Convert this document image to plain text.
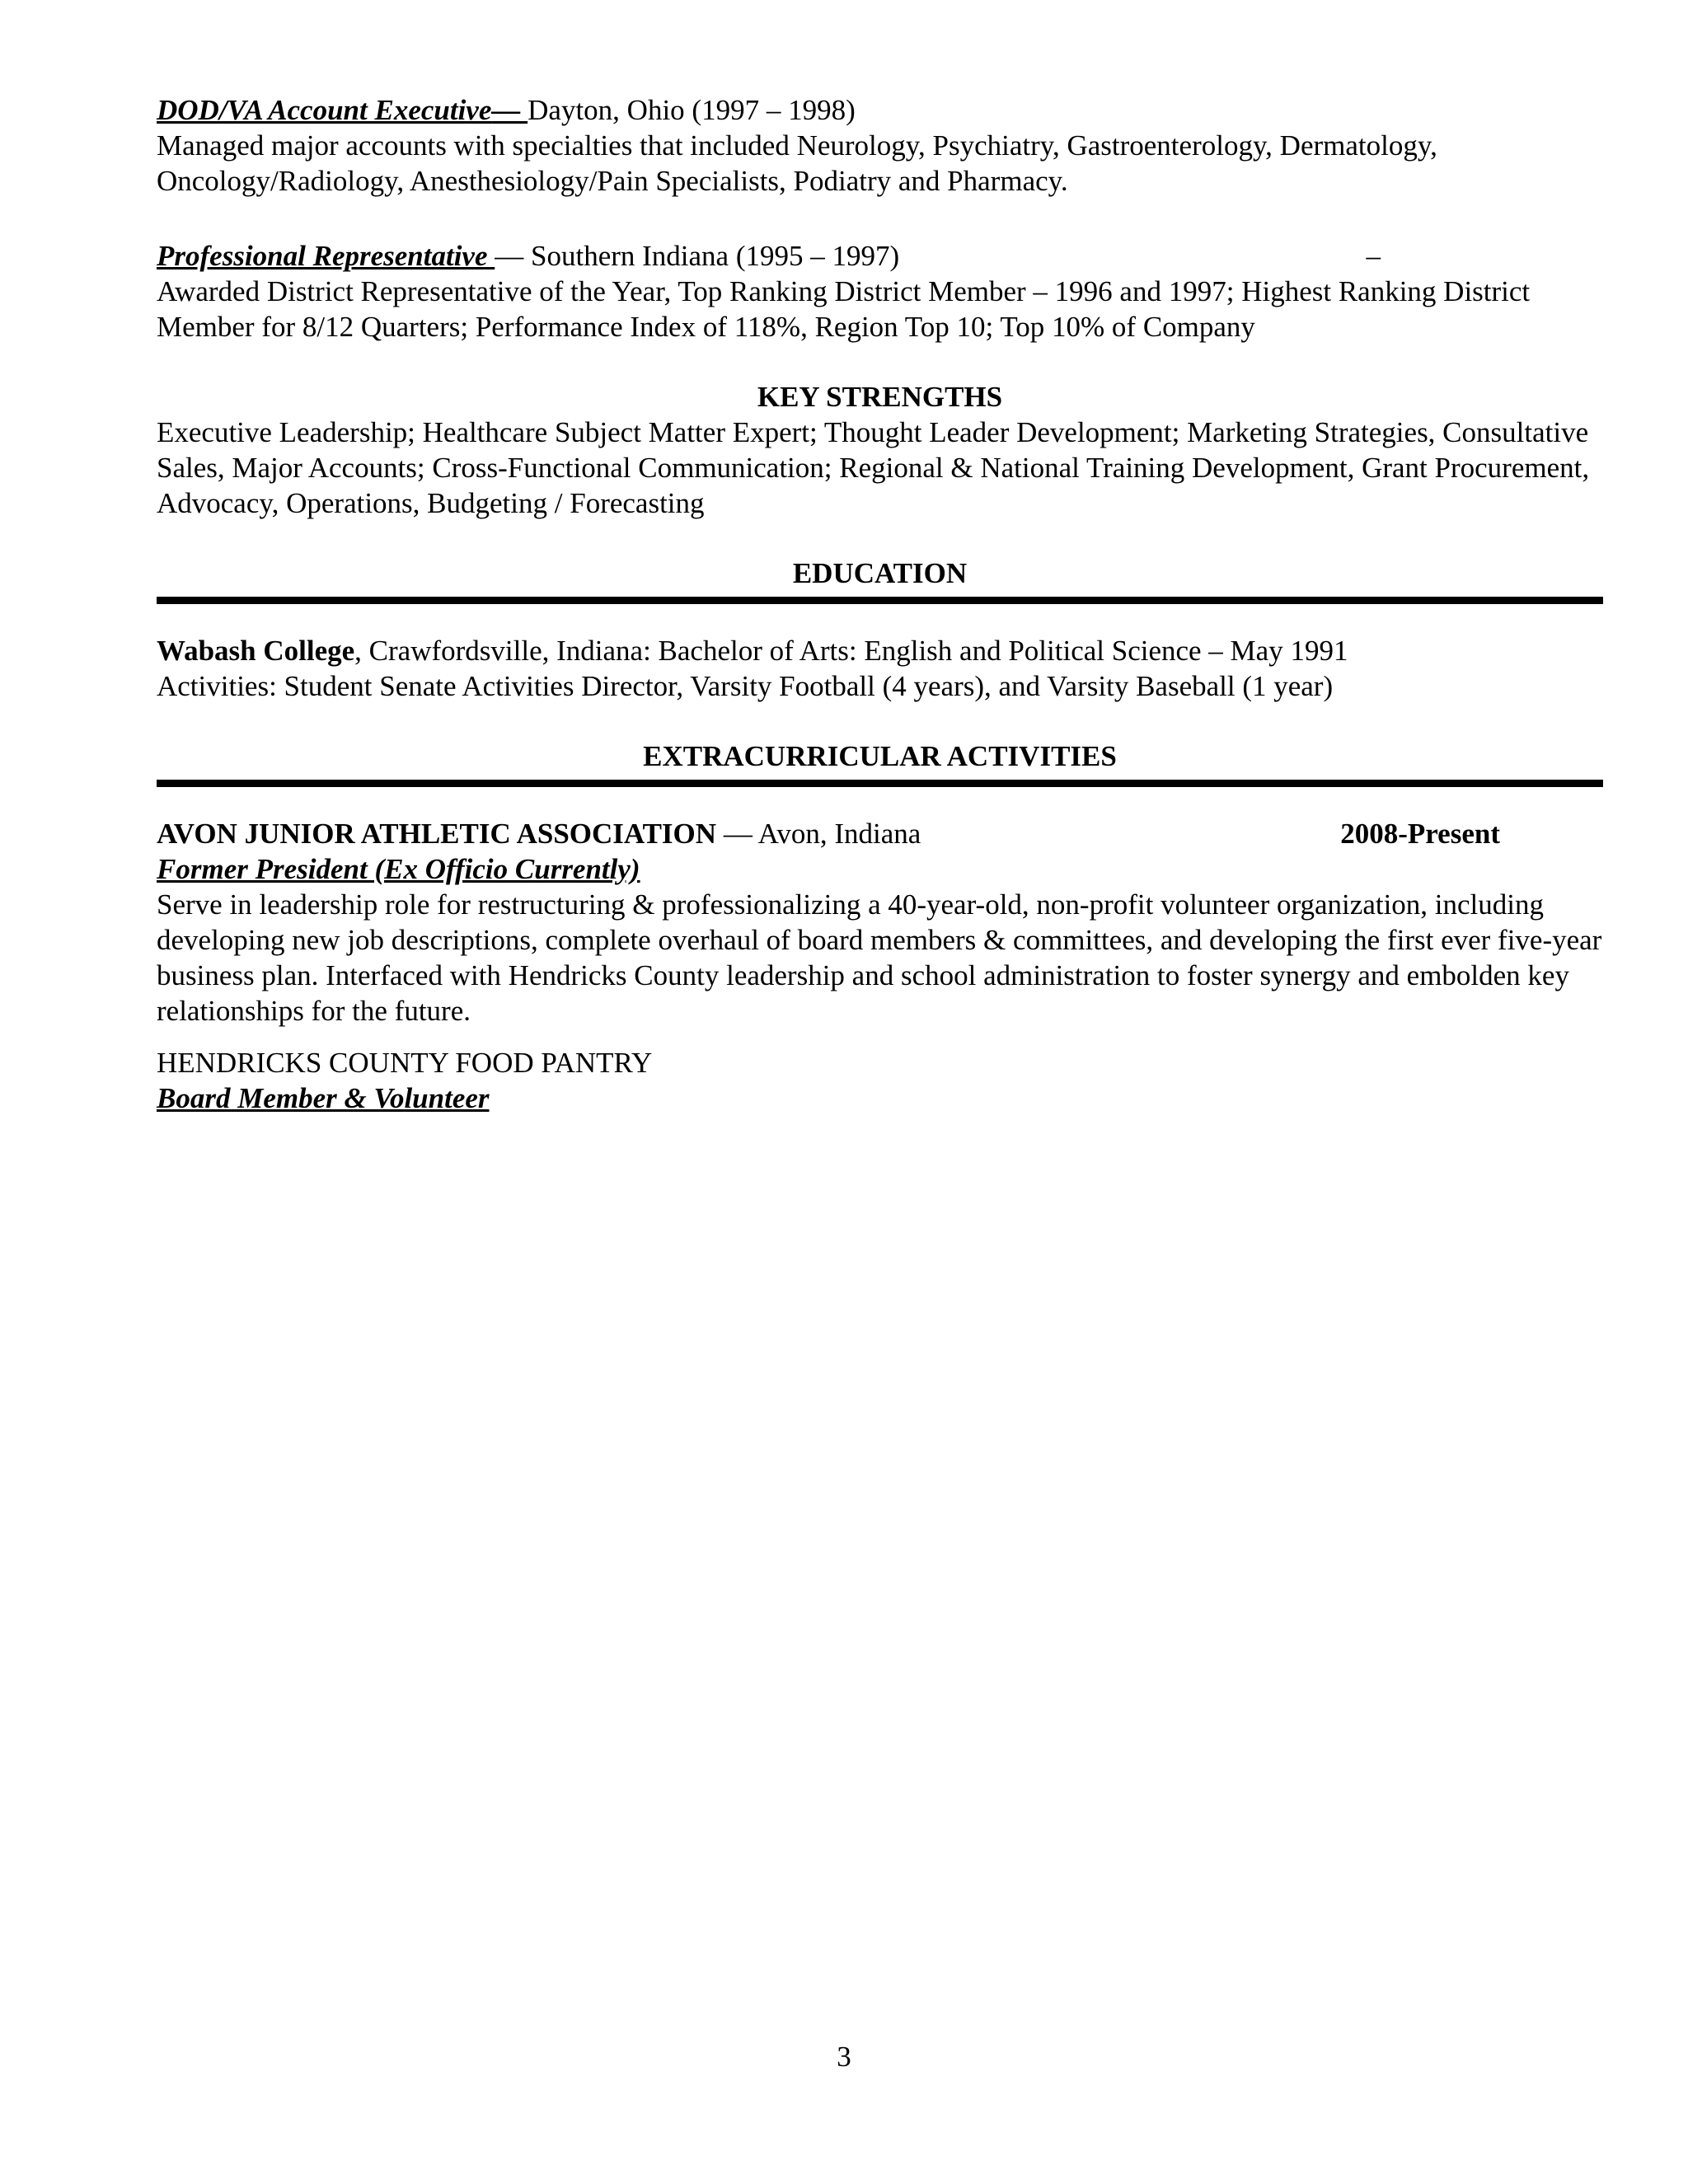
DOD/VA Account Executive— Dayton, Ohio (1997 – 1998)

Managed major accounts with specialties that included Neurology, Psychiatry, Gastroenterology, Dermatology, Oncology/Radiology, Anesthesiology/Pain Specialists, Podiatry and Pharmacy.

Professional Representative — Southern Indiana (1995 – 1997)	–

Awarded District Representative of the Year, Top Ranking District Member – 1996 and 1997; Highest Ranking District Member for 8/12 Quarters; Performance Index of 118%, Region Top 10; Top 10% of Company

KEY STRENGTHS

Executive Leadership; Healthcare Subject Matter Expert; Thought Leader Development; Marketing Strategies, Consultative Sales, Major Accounts; Cross-Functional Communication; Regional & National Training Development, Grant Procurement, Advocacy, Operations, Budgeting / Forecasting

EDUCATION

Wabash College, Crawfordsville, Indiana: Bachelor of Arts: English and Political Science – May 1991

Activities: Student Senate Activities Director, Varsity Football (4 years), and Varsity Baseball (1 year)

EXTRACURRICULAR ACTIVITIES

AVON JUNIOR ATHLETIC ASSOCIATION — Avon, Indiana	2008-Present

Former President (Ex Officio Currently)

Serve in leadership role for restructuring & professionalizing a 40-year-old, non-profit volunteer organization, including developing new job descriptions, complete overhaul of board members & committees, and developing the first ever five-year business plan. Interfaced with Hendricks County leadership and school administration to foster synergy and embolden key relationships for the future.

HENDRICKS COUNTY FOOD PANTRY

Board Member & Volunteer

3
